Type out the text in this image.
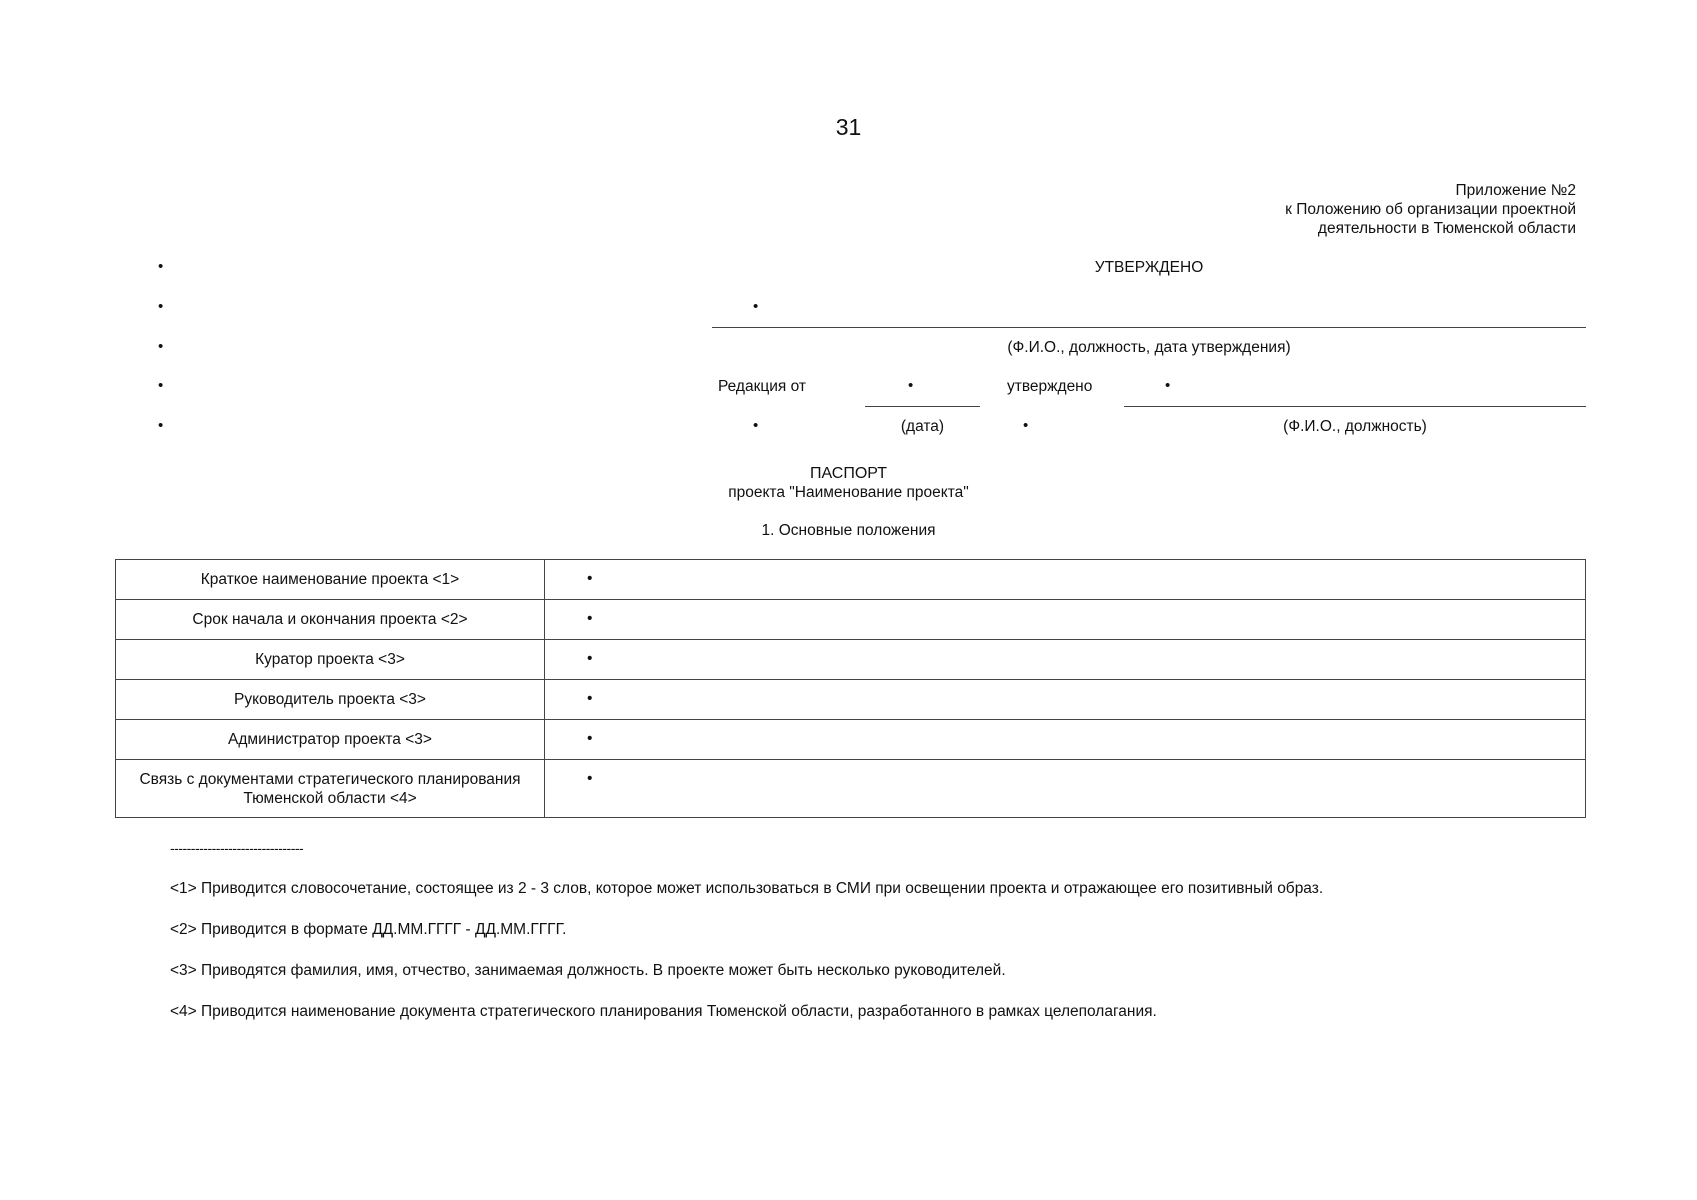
31
Приложение №2
к Положению об организации проектной
деятельности в Тюменской области
•
•
•
•
•
УТВЕРЖДЕНО
•
(Ф.И.О., должность, дата утверждения)
Редакция от	•	утверждено	•
•	(дата)	•	(Ф.И.О., должность)
ПАСПОРТ
проекта "Наименование проекта"
1. Основные положения
Краткое наименование проекта <1>	•
Срок начала и окончания проекта <2>	•
Куратор проекта <3>	•
Руководитель проекта <3>	•
Администратор проекта <3>	•

Связь с документами стратегического планирования
Тюменской области <4>	•
--------------------------------
<1> Приводится словосочетание, состоящее из 2 - 3 слов, которое может использоваться в СМИ при освещении проекта и отражающее его позитивный образ.
<2> Приводится в формате ДД.ММ.ГГГГ - ДД.ММ.ГГГГ.
<3> Приводятся фамилия, имя, отчество, занимаемая должность. В проекте может быть несколько руководителей.
<4> Приводится наименование документа стратегического планирования Тюменской области, разработанного в рамках целеполагания.
